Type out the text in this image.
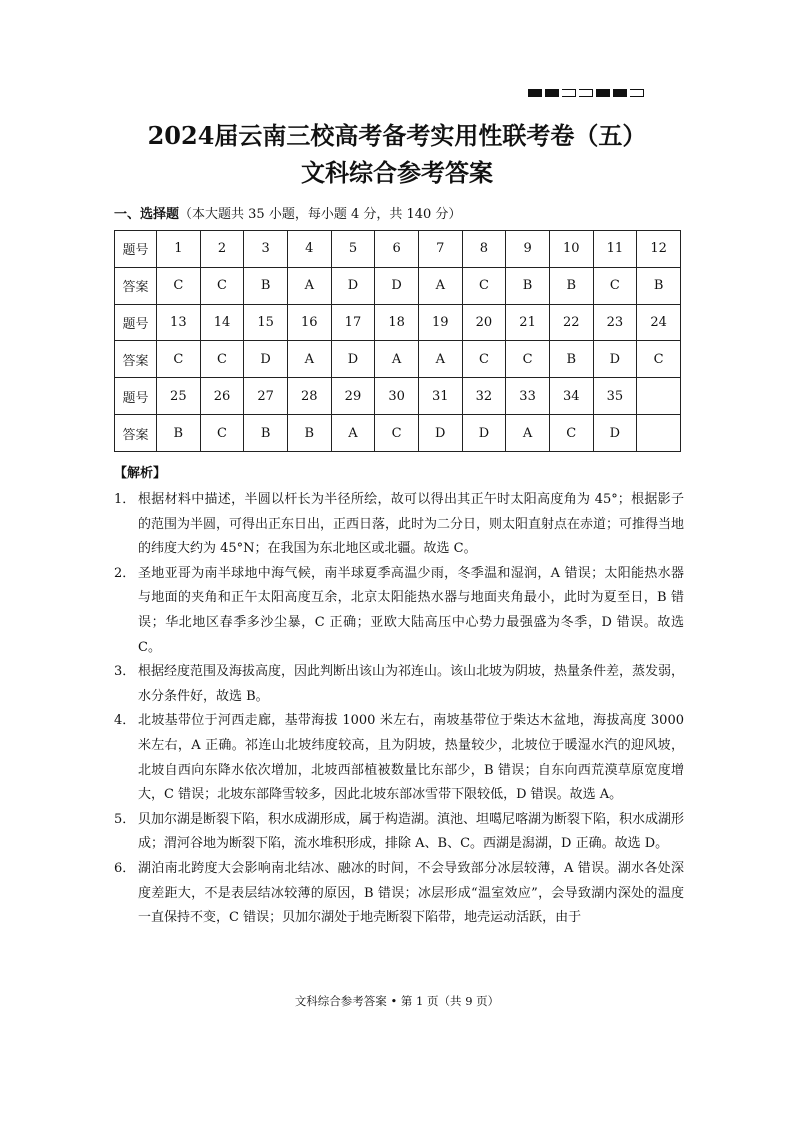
2024届云南三校高考备考实用性联考卷（五）
文科综合参考答案
一、选择题（本大题共 35 小题，每小题 4 分，共 140 分）
题号	1	2	3	4	5	6	7	8	9	10	11	12
答案	C	C	B	A	D	D	A	C	B	B	C	B
题号	13	14	15	16	17	18	19	20	21	22	23	24
答案	C	C	D	A	D	A	A	C	C	B	D	C
题号	25	26	27	28	29	30	31	32	33	34	35	
答案	B	C	B	B	A	C	D	D	A	C	D	
【解析】
1． 根据材料中描述，半圆以杆长为半径所绘，故可以得出其正午时太阳高度角为 45°；根据影子的范围为半圆，可得出正东日出，正西日落，此时为二分日，则太阳直射点在赤道；可推得当地的纬度大约为 45°N；在我国为东北地区或北疆。故选 C。
2． 圣地亚哥为南半球地中海气候，南半球夏季高温少雨，冬季温和湿润，A 错误；太阳能热水器与地面的夹角和正午太阳高度互余，北京太阳能热水器与地面夹角最小，此时为夏至日，B 错误；华北地区春季多沙尘暴，C 正确；亚欧大陆高压中心势力最强盛为冬季，D 错误。故选 C。
3． 根据经度范围及海拔高度，因此判断出该山为祁连山。该山北坡为阴坡，热量条件差，蒸发弱，水分条件好，故选 B。
4． 北坡基带位于河西走廊，基带海拔 1000 米左右，南坡基带位于柴达木盆地，海拔高度 3000 米左右，A 正确。祁连山北坡纬度较高，且为阴坡，热量较少，北坡位于暖湿水汽的迎风坡，北坡自西向东降水依次增加，北坡西部植被数量比东部少，B 错误；自东向西荒漠草原宽度增大，C 错误；北坡东部降雪较多，因此北坡东部冰雪带下限较低，D 错误。故选 A。
5． 贝加尔湖是断裂下陷，积水成湖形成，属于构造湖。滇池、坦噶尼喀湖为断裂下陷，积水成湖形成；渭河谷地为断裂下陷，流水堆积形成，排除 A、B、C。西湖是潟湖，D 正确。故选 D。
6． 湖泊南北跨度大会影响南北结冰、融冰的时间，不会导致部分冰层较薄，A 错误。湖水各处深度差距大，不是表层结冰较薄的原因，B 错误；冰层形成“温室效应”，会导致湖内深处的温度一直保持不变，C 错误；贝加尔湖处于地壳断裂下陷带，地壳运动活跃，由于
文科综合参考答案 • 第 1 页（共 9 页）
